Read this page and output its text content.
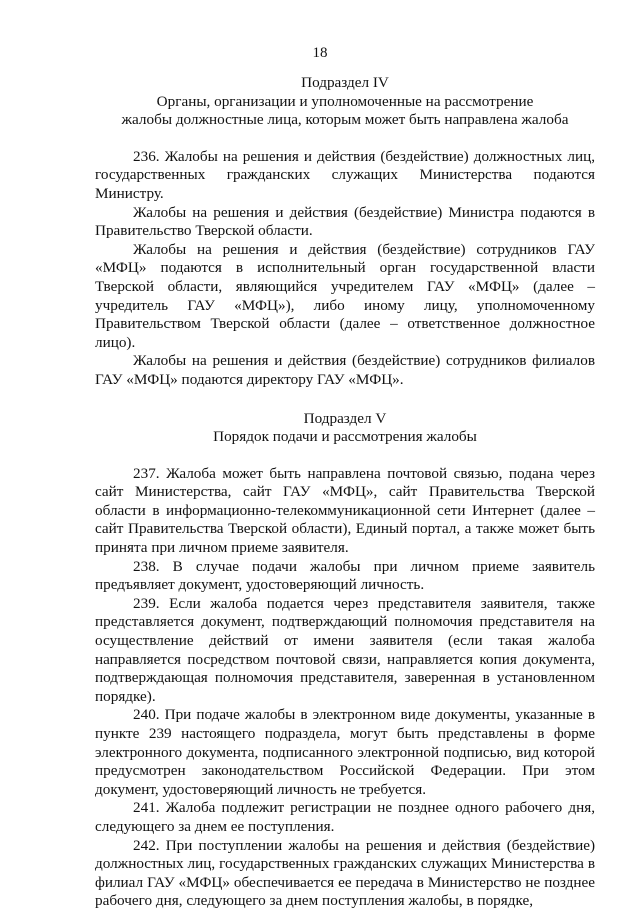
18
Подраздел IV
Органы, организации и уполномоченные на рассмотрение
жалобы должностные лица, которым может быть направлена жалоба

236. Жалобы на решения и действия (бездействие) должностных лиц, государственных гражданских служащих Министерства подаются Министру.

Жалобы на решения и действия (бездействие) Министра подаются в Правительство Тверской области.

Жалобы на решения и действия (бездействие) сотрудников ГАУ «МФЦ» подаются в исполнительный орган государственной власти Тверской области, являющийся учредителем ГАУ «МФЦ» (далее – учредитель ГАУ «МФЦ»), либо иному лицу, уполномоченному Правительством Тверской области (далее – ответственное должностное лицо).

Жалобы на решения и действия (бездействие) сотрудников филиалов ГАУ «МФЦ» подаются директору ГАУ «МФЦ».

Подраздел V
Порядок подачи и рассмотрения жалобы

237. Жалоба может быть направлена почтовой связью, подана через сайт Министерства, сайт ГАУ «МФЦ», сайт Правительства Тверской области в информационно-телекоммуникационной сети Интернет (далее – сайт Правительства Тверской области), Единый портал, а также может быть принята при личном приеме заявителя.

238. В случае подачи жалобы при личном приеме заявитель предъявляет документ, удостоверяющий личность.

239. Если жалоба подается через представителя заявителя, также представляется документ, подтверждающий полномочия представителя на осуществление действий от имени заявителя (если такая жалоба направляется посредством почтовой связи, направляется копия документа, подтверждающая полномочия представителя, заверенная в установленном порядке).

240. При подаче жалобы в электронном виде документы, указанные в пункте 239 настоящего подраздела, могут быть представлены в форме электронного документа, подписанного электронной подписью, вид которой предусмотрен законодательством Российской Федерации. При этом документ, удостоверяющий личность не требуется.

241. Жалоба подлежит регистрации не позднее одного рабочего дня, следующего за днем ее поступления.

242. При поступлении жалобы на решения и действия (бездействие) должностных лиц, государственных гражданских служащих Министерства в филиал ГАУ «МФЦ» обеспечивается ее передача в Министерство не позднее рабочего дня, следующего за днем поступления жалобы, в порядке,
